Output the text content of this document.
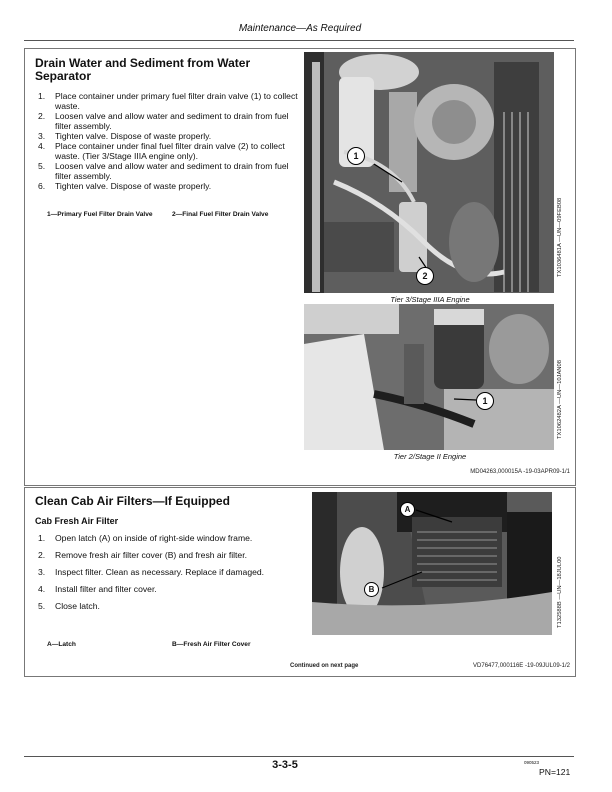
Maintenance—As Required
Drain Water and Sediment from Water Separator
1. Place container under primary fuel filter drain valve (1) to collect waste.
2. Loosen valve and allow water and sediment to drain from fuel filter assembly.
3. Tighten valve. Dispose of waste properly.
4. Place container under final fuel filter drain valve (2) to collect waste. (Tier 3/Stage IIIA engine only).
5. Loosen valve and allow water and sediment to drain from fuel filter assembly.
6. Tighten valve. Dispose of waste properly.
1—Primary Fuel Filter Drain Valve	2—Final Fuel Filter Drain Valve
1
2	TX1036481A —UN—09FEB08
Tier 3/Stage IIIA Engine
1	TX1062482A —UN—10JAN08
Tier 2/Stage II Engine
MD04263,000015A -19-03APR09-1/1
Clean Cab Air Filters—If Equipped
Cab Fresh Air Filter
1. Open latch (A) on inside of right-side window frame.
2. Remove fresh air filter cover (B) and fresh air filter.
3. Inspect filter. Clean as necessary. Replace if damaged.
4. Install filter and filter cover.
5. Close latch.
A—Latch	B—Fresh Air Filter Cover
A
B	T132588B —UN—18JUL00
Continued on next page	VD76477,000116E -19-09JUL09-1/2
3-3-5	090523
PN=121
